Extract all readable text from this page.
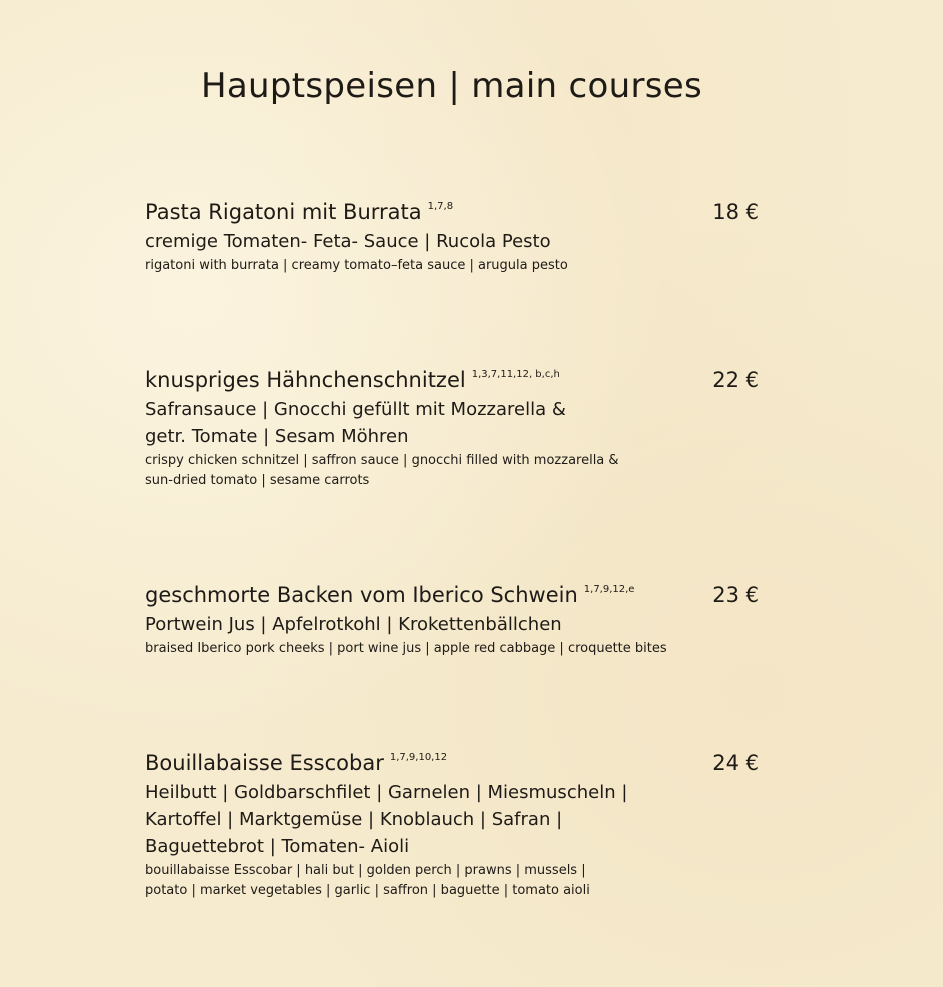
Hauptspeisen | main courses
Pasta Rigatoni mit Burrata $^{1,7,8}$	18 €
cremige Tomaten- Feta- Sauce | Rucola Pesto
rigatoni with burrata | creamy tomato–feta sauce | arugula pesto
knuspriges Hähnchenschnitzel $^{1,3,7,11,12, b,c,h}$	22 €
Safransauce | Gnocchi gefüllt mit Mozzarella &
getr. Tomate | Sesam Möhren
crispy chicken schnitzel | saffron sauce | gnocchi filled with mozzarella &
sun-dried tomato | sesame carrots
geschmorte Backen vom Iberico Schwein $^{1,7,9,12,e}$	23 €
Portwein Jus | Apfelrotkohl | Krokettenbällchen
braised Iberico pork cheeks | port wine jus | apple red cabbage | croquette bites
Bouillabaisse Esscobar $^{1,7,9,10,12}$	24 €
Heilbutt | Goldbarschfilet | Garnelen | Miesmuscheln |
Kartoffel | Marktgemüse | Knoblauch | Safran |
Baguettebrot | Tomaten- Aioli
bouillabaisse Esscobar | hali but | golden perch | prawns | mussels |
potato | market vegetables | garlic | saffron | baguette | tomato aioli
